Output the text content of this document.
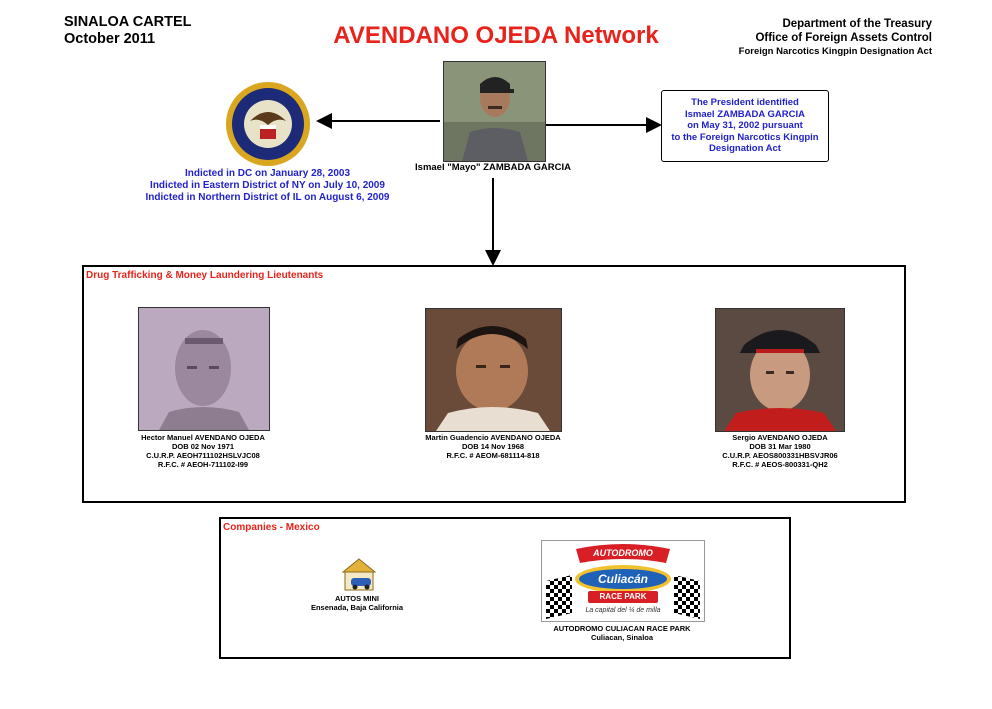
SINALOA CARTEL
October 2011	AVENDANO OJEDA Network	Department of the Treasury
Office of Foreign Assets Control
Foreign Narcotics Kingpin Designation Act
Indicted in DC on January 28, 2003
Indicted in Eastern District of NY on July 10, 2009
Indicted in Northern District of IL on August 6, 2009
Ismael "Mayo" ZAMBADA GARCIA
The President identified
Ismael ZAMBADA GARCIA
on May 31, 2002 pursuant
to the Foreign Narcotics Kingpin
Designation Act
Drug Trafficking & Money Laundering Lieutenants
Hector Manuel AVENDANO OJEDA
DOB 02 Nov 1971
C.U.R.P. AEOH711102HSLVJC08
R.F.C. # AEOH-711102-I99
Martin Guadencio AVENDANO OJEDA
DOB 14 Nov 1968
R.F.C. # AEOM-681114-818
Sergio AVENDANO OJEDA
DOB 31 Mar 1980
C.U.R.P. AEOS800331HBSVJR06
R.F.C. # AEOS-800331-QH2
Companies - Mexico
AUTOS MINI
Ensenada, Baja California
AUTODROMO
Culiacán
RACE PARK
La capital del ¼ de milla
AUTODROMO CULIACAN RACE PARK
Culiacan, Sinaloa
